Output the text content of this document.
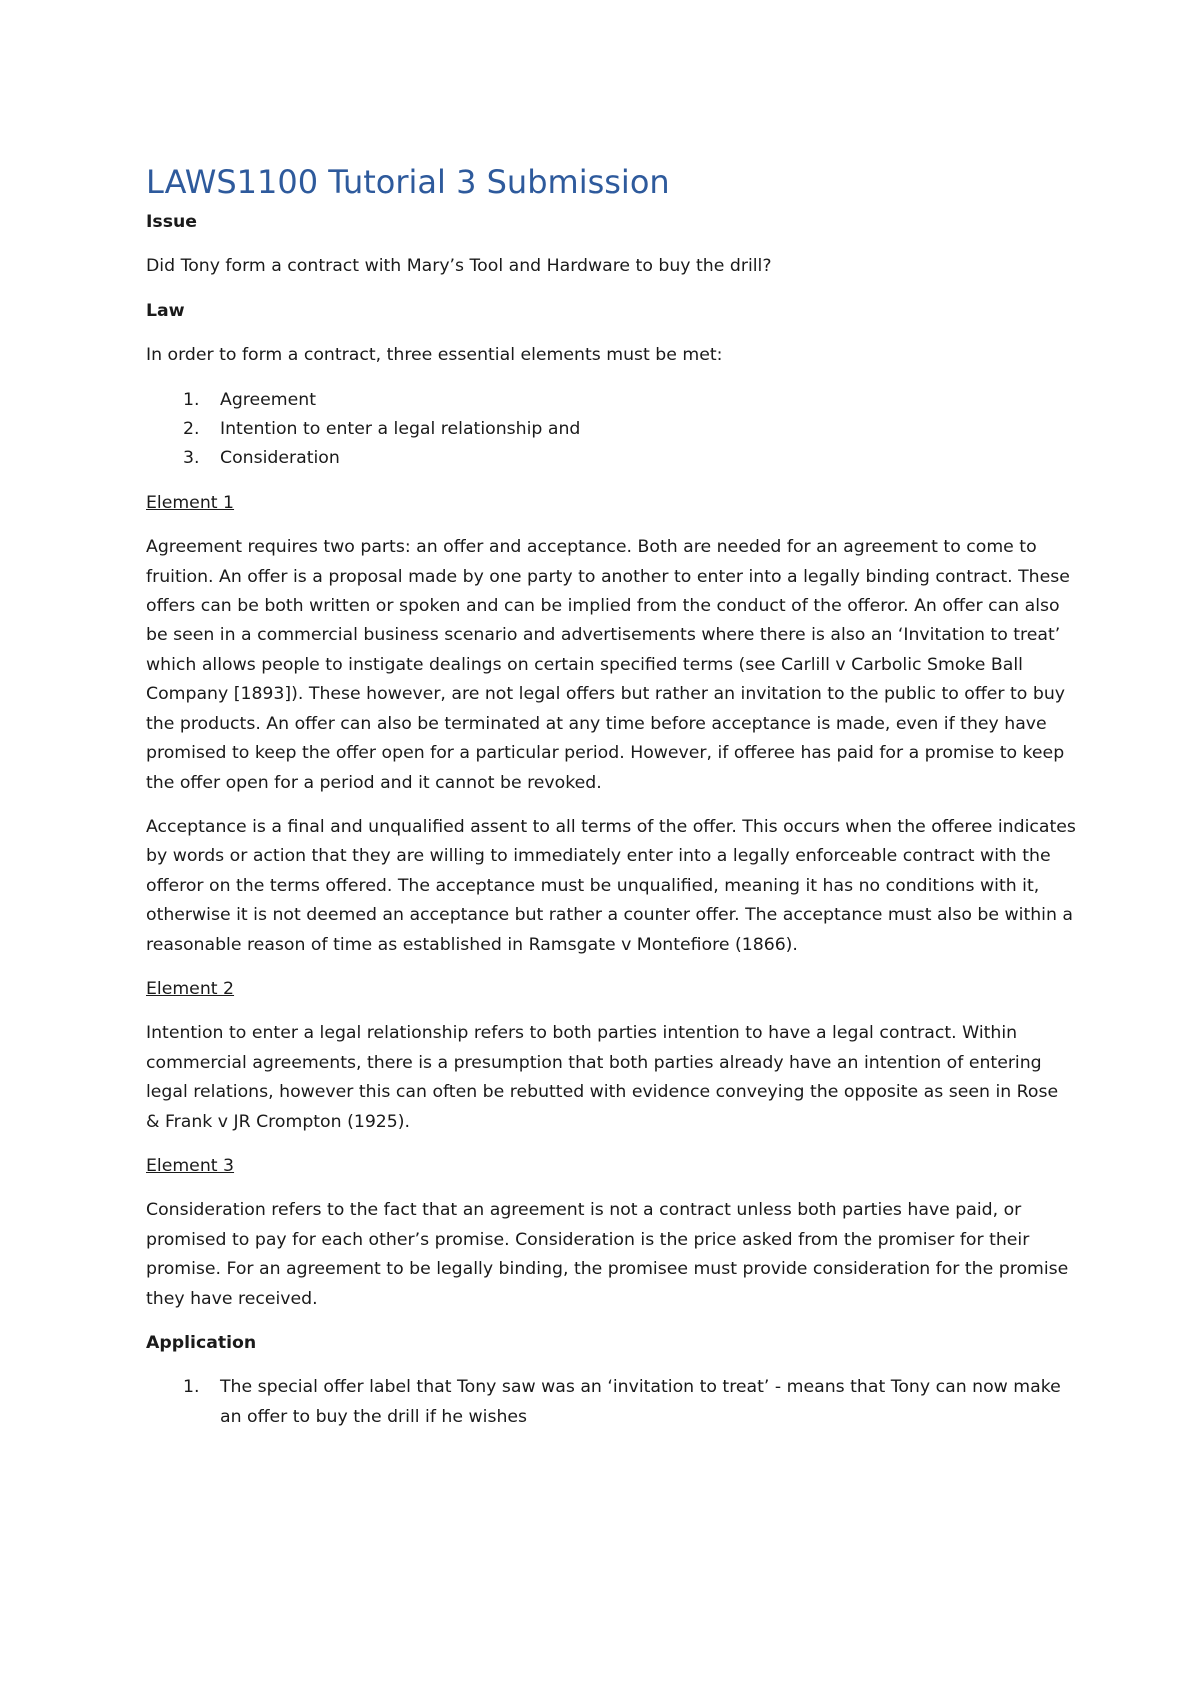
LAWS1100 Tutorial 3 Submission
Issue

Did Tony form a contract with Mary’s Tool and Hardware to buy the drill?

Law

In order to form a contract, three essential elements must be met:

1. Agreement
2. Intention to enter a legal relationship and
3. Consideration
Element 1

Agreement requires two parts: an offer and acceptance. Both are needed for an agreement to come to fruition. An offer is a proposal made by one party to another to enter into a legally binding contract. These offers can be both written or spoken and can be implied from the conduct of the offeror. An offer can also be seen in a commercial business scenario and advertisements where there is also an ‘Invitation to treat’ which allows people to instigate dealings on certain specified terms (see Carlill v Carbolic Smoke Ball Company [1893]). These however, are not legal offers but rather an invitation to the public to offer to buy the products. An offer can also be terminated at any time before acceptance is made, even if they have promised to keep the offer open for a particular period. However, if offeree has paid for a promise to keep the offer open for a period and it cannot be revoked.

Acceptance is a final and unqualified assent to all terms of the offer. This occurs when the offeree indicates by words or action that they are willing to immediately enter into a legally enforceable contract with the offeror on the terms offered. The acceptance must be unqualified, meaning it has no conditions with it, otherwise it is not deemed an acceptance but rather a counter offer. The acceptance must also be within a reasonable reason of time as established in Ramsgate v Montefiore (1866).

Element 2

Intention to enter a legal relationship refers to both parties intention to have a legal contract. Within commercial agreements, there is a presumption that both parties already have an intention of entering legal relations, however this can often be rebutted with evidence conveying the opposite as seen in Rose & Frank v JR Crompton (1925).

Element 3

Consideration refers to the fact that an agreement is not a contract unless both parties have paid, or promised to pay for each other’s promise. Consideration is the price asked from the promiser for their promise. For an agreement to be legally binding, the promisee must provide consideration for the promise they have received.

Application
1. The special offer label that Tony saw was an ‘invitation to treat’ - means that Tony can now make an offer to buy the drill if he wishes
